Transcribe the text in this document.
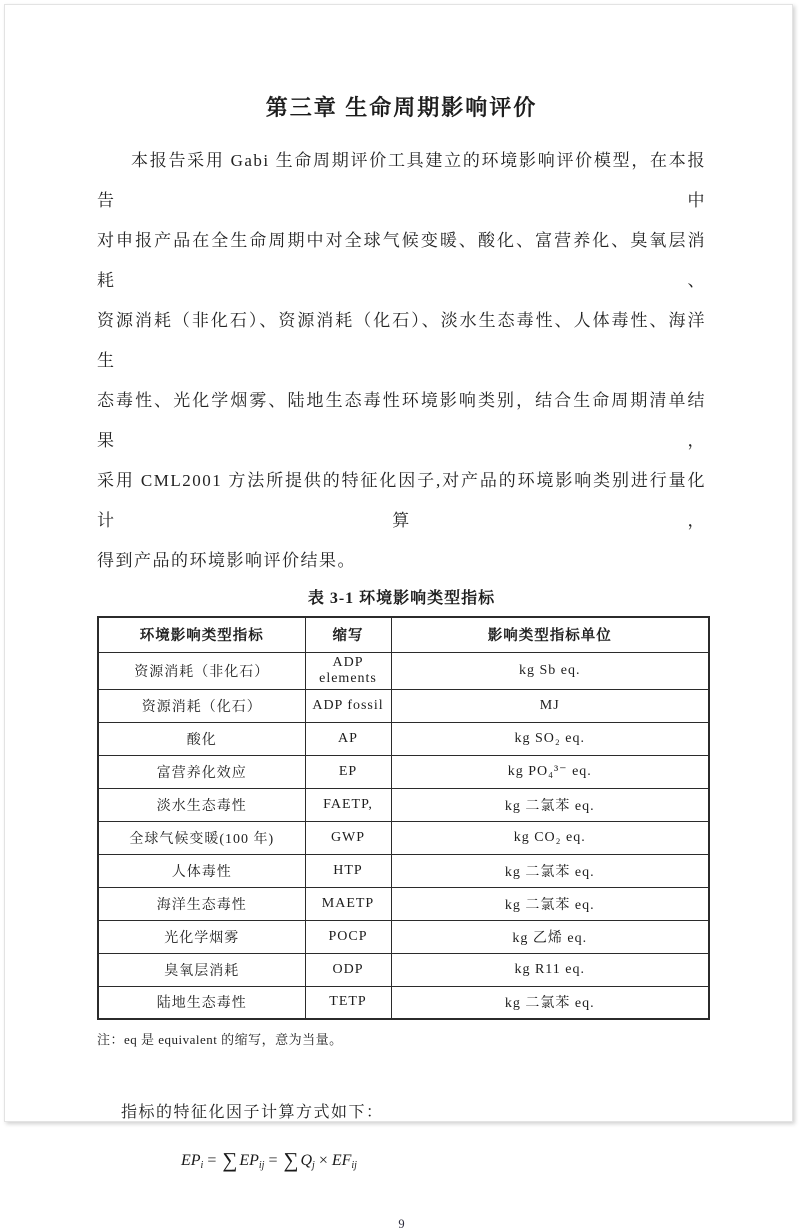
第三章 生命周期影响评价
本报告采用 Gabi 生命周期评价工具建立的环境影响评价模型，在本报告中
对申报产品在全生命周期中对全球气候变暖、酸化、富营养化、臭氧层消耗、
资源消耗（非化石）、资源消耗（化石）、淡水生态毒性、人体毒性、海洋生
态毒性、光化学烟雾、陆地生态毒性环境影响类别，结合生命周期清单结果，
采用 CML2001 方法所提供的特征化因子,对产品的环境影响类别进行量化计算，
得到产品的环境影响评价结果。
表 3-1 环境影响类型指标
环境影响类型指标	缩写	影响类型指标单位
资源消耗（非化石）	ADP elements	kg Sb eq.
资源消耗（化石）	ADP fossil	MJ
酸化	AP	kg SO₂ eq.
富营养化效应	EP	kg PO₄³⁻ eq.
淡水生态毒性	FAETP,	kg 二氯苯 eq.
全球气候变暖(100 年)	GWP	kg CO₂ eq.
人体毒性	HTP	kg 二氯苯 eq.
海洋生态毒性	MAETP	kg 二氯苯 eq.
光化学烟雾	POCP	kg 乙烯 eq.
臭氧层消耗	ODP	kg R11 eq.
陆地生态毒性	TETP	kg 二氯苯 eq.
注：eq 是 equivalent 的缩写，意为当量。
指标的特征化因子计算方式如下：
$EP_i$ = ∑ $EP_{ij}$ = ∑ $Q_j \times EF_{ij}$
9
